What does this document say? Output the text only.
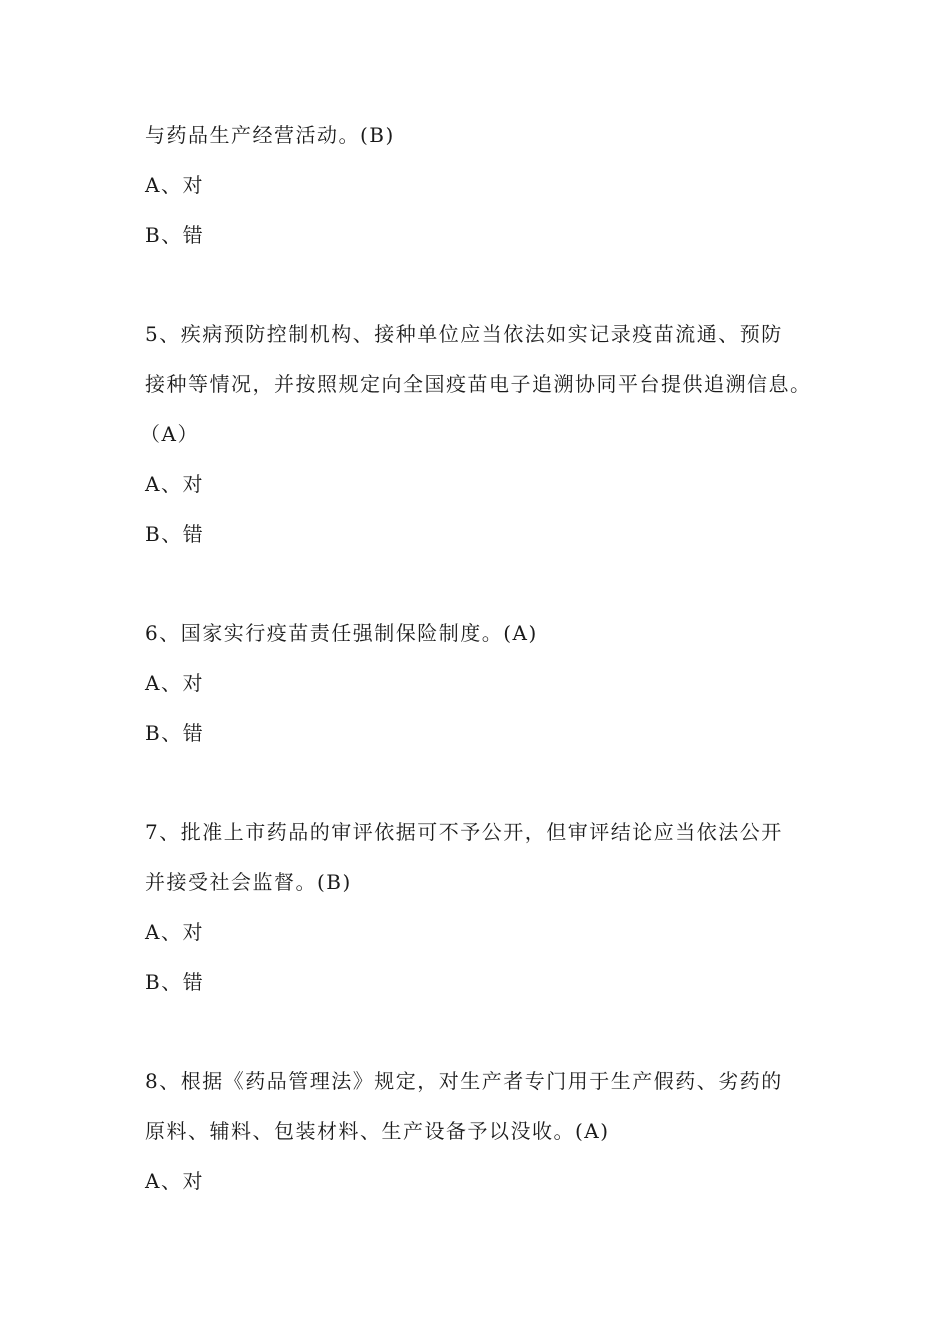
与药品生产经营活动。(B)
A、对
B、错
5、疾病预防控制机构、接种单位应当依法如实记录疫苗流通、预防
接种等情况，并按照规定向全国疫苗电子追溯协同平台提供追溯信息。
（A）
A、对
B、错
6、国家实行疫苗责任强制保险制度。(A)
A、对
B、错
7、批准上市药品的审评依据可不予公开，但审评结论应当依法公开
并接受社会监督。(B)
A、对
B、错
8、根据《药品管理法》规定，对生产者专门用于生产假药、劣药的
原料、辅料、包装材料、生产设备予以没收。(A)
A、对
